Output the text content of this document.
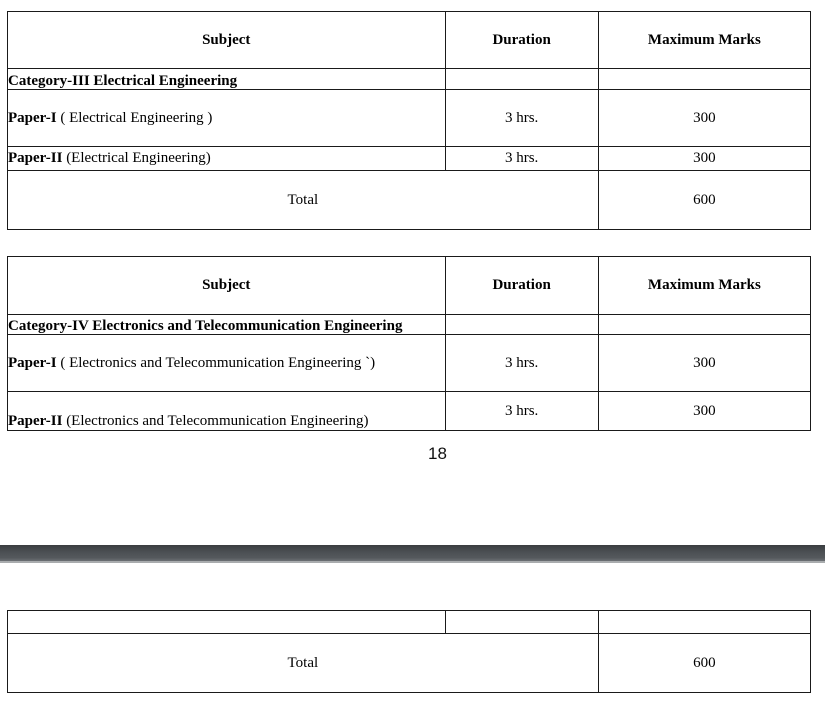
Subject	Duration	Maximum Marks
Category-III Electrical Engineering		
Paper-I ( Electrical Engineering )	3 hrs.	300
Paper-II (Electrical Engineering)	3 hrs.	300
Total		600
Subject	Duration	Maximum Marks
Category-IV Electronics and Telecommunication Engineering		
Paper-I ( Electronics and Telecommunication Engineering `)	3 hrs.	300
Paper-II (Electronics and Telecommunication Engineering)	3 hrs.	300
18

Total		600
